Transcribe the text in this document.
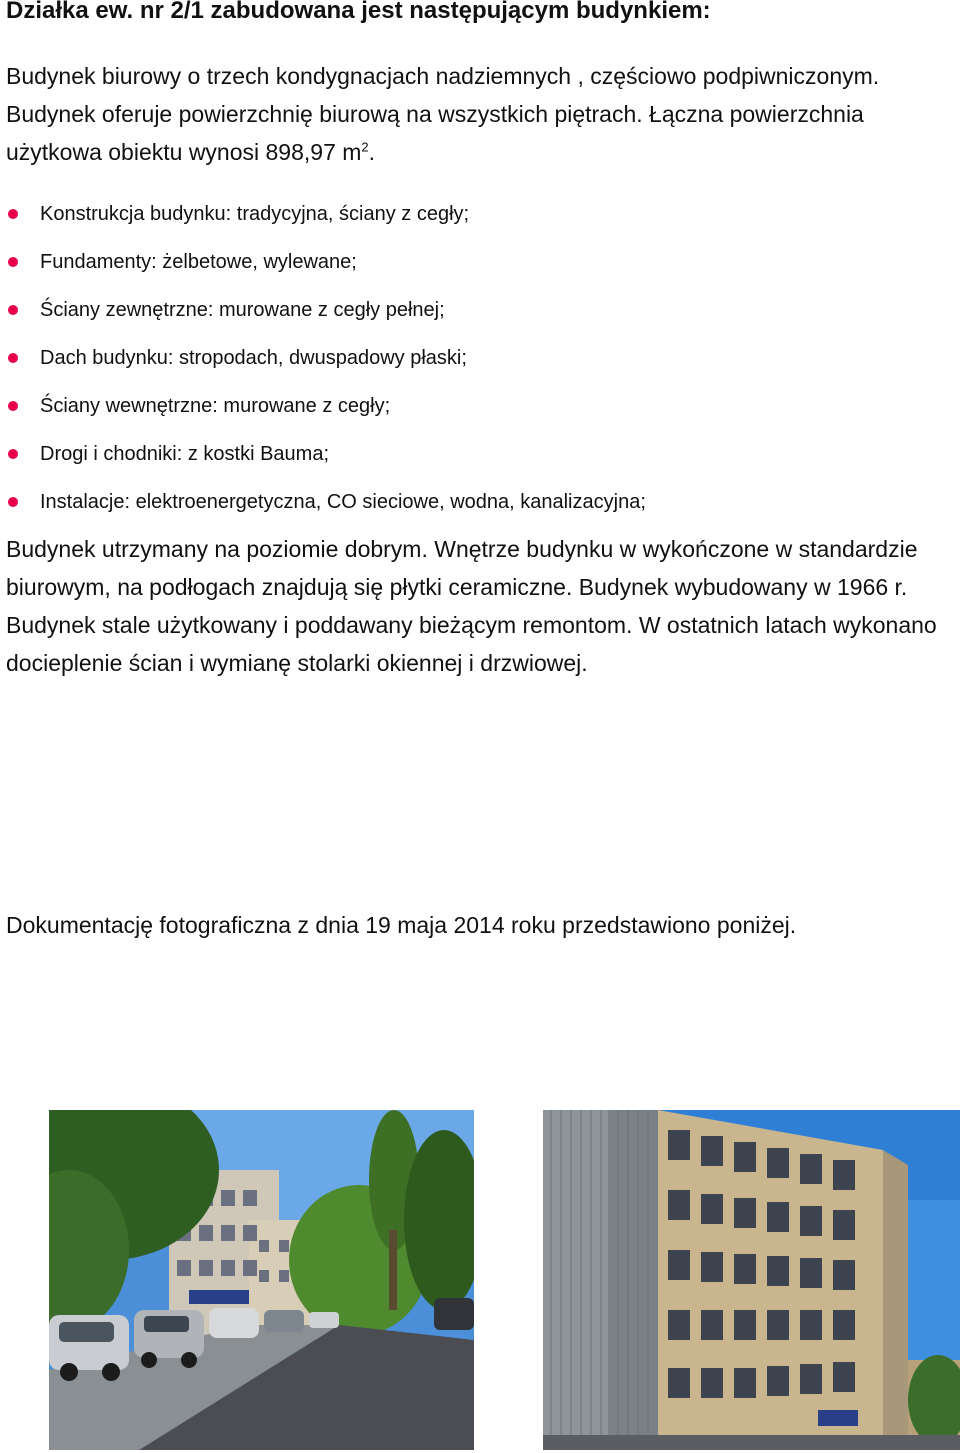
Działka ew. nr 2/1 zabudowana jest następującym budynkiem:

Budynek biurowy o trzech kondygnacjach nadziemnych , częściowo podpiwniczonym. Budynek oferuje powierzchnię biurową na wszystkich piętrach. Łączna powierzchnia użytkowa obiektu wynosi 898,97 $m^2$.

Konstrukcja budynku: tradycyjna, ściany z cegły;
Fundamenty: żelbetowe, wylewane;
Ściany zewnętrzne: murowane z cegły pełnej;
Dach budynku: stropodach, dwuspadowy płaski;
Ściany wewnętrzne: murowane z cegły;
Drogi i chodniki: z kostki Bauma;
Instalacje: elektroenergetyczna, CO sieciowe, wodna, kanalizacyjna;

Budynek utrzymany na poziomie dobrym. Wnętrze budynku w wykończone w standardzie biurowym, na podłogach znajdują się płytki ceramiczne. Budynek wybudowany w 1966 r. Budynek stale użytkowany i poddawany bieżącym remontom. W ostatnich latach wykonano docieplenie ścian i wymianę stolarki okiennej i drzwiowej.

Dokumentację fotograficzna z dnia 19 maja 2014 roku przedstawiono poniżej.
